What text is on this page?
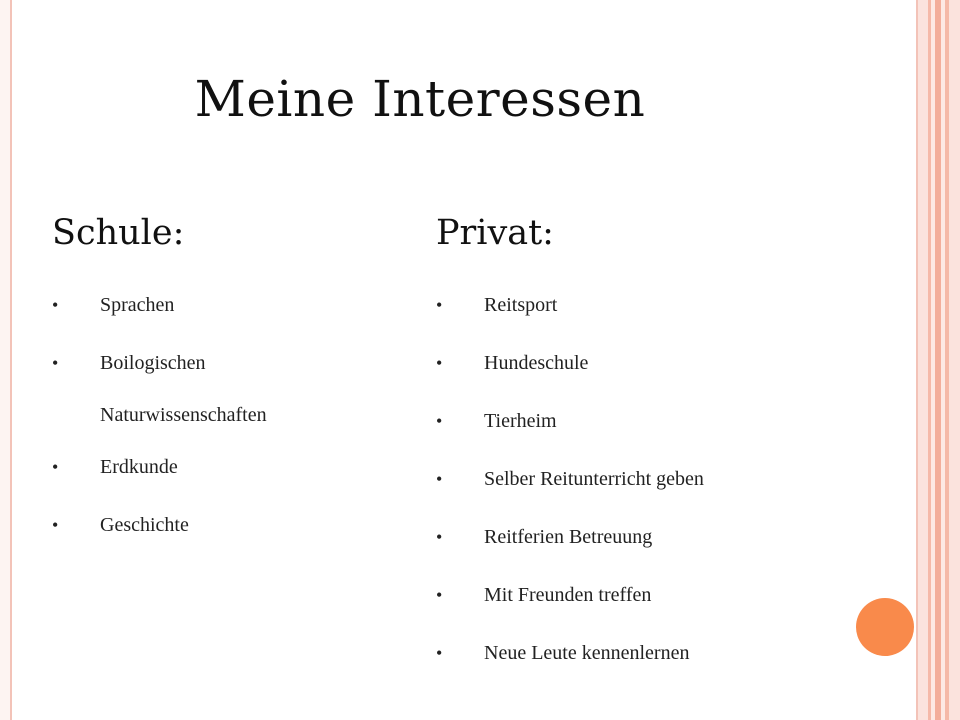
Meine Interessen
Schule:
• Sprachen
• Boilogischen
Naturwissenschaften
• Erdkunde
• Geschichte
Privat:
• Reitsport
• Hundeschule
• Tierheim
• Selber Reitunterricht geben
• Reitferien Betreuung
• Mit Freunden treffen
• Neue Leute kennenlernen
